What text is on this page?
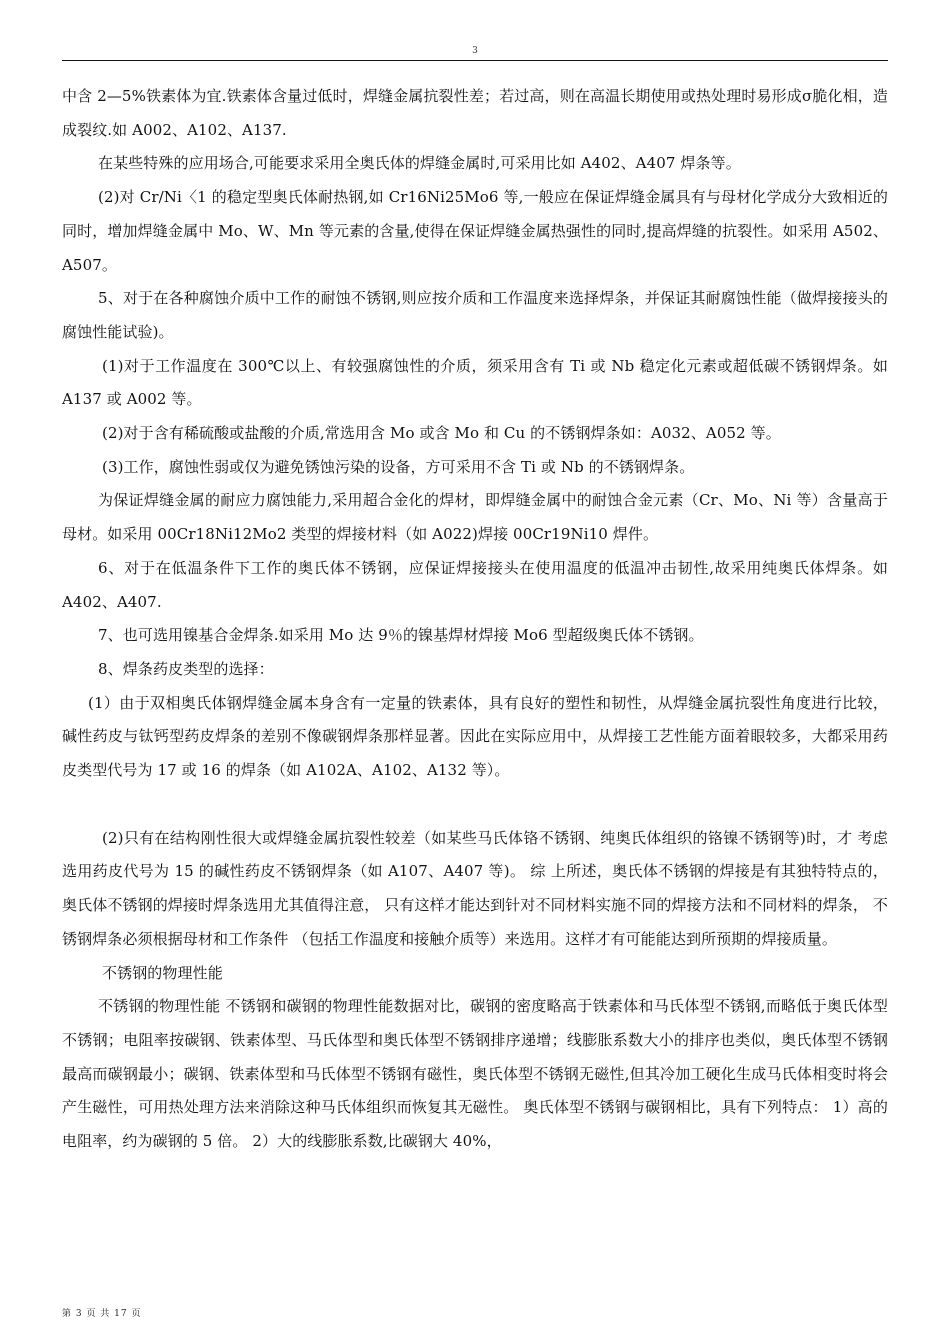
3

中含 2—5%铁素体为宜.铁素体含量过低时，焊缝金属抗裂性差；若过高，则在高温长期使用或热处理时易形成σ脆化相，造成裂纹.如 A002、A102、A137.

在某些特殊的应用场合,可能要求采用全奥氏体的焊缝金属时,可采用比如 A402、A407 焊条等。

(2)对 Cr/Ni〈1 的稳定型奥氏体耐热钢,如 Cr16Ni25Mo6 等,一般应在保证焊缝金属具有与母材化学成分大致相近的同时，增加焊缝金属中 Mo、W、Mn 等元素的含量,使得在保证焊缝金属热强性的同时,提高焊缝的抗裂性。如采用 A502、A507。

5、对于在各种腐蚀介质中工作的耐蚀不锈钢,则应按介质和工作温度来选择焊条，并保证其耐腐蚀性能（做焊接接头的腐蚀性能试验)。

(1)对于工作温度在 300℃以上、有较强腐蚀性的介质，须采用含有 Ti 或 Nb 稳定化元素或超低碳不锈钢焊条。如 A137 或 A002 等。

(2)对于含有稀硫酸或盐酸的介质,常选用含 Mo 或含 Mo 和 Cu 的不锈钢焊条如：A032、A052 等。

(3)工作，腐蚀性弱或仅为避免锈蚀污染的设备，方可采用不含 Ti 或 Nb 的不锈钢焊条。

为保证焊缝金属的耐应力腐蚀能力,采用超合金化的焊材，即焊缝金属中的耐蚀合金元素（Cr、Mo、Ni 等）含量高于母材。如采用 00Cr18Ni12Mo2 类型的焊接材料（如 A022)焊接 00Cr19Ni10 焊件。

6、对于在低温条件下工作的奥氏体不锈钢，应保证焊接接头在使用温度的低温冲击韧性,故采用纯奥氏体焊条。如 A402、A407.

7、也可选用镍基合金焊条.如采用 Mo 达 9％的镍基焊材焊接 Mo6 型超级奥氏体不锈钢。

8、焊条药皮类型的选择：

(1）由于双相奥氏体钢焊缝金属本身含有一定量的铁素体，具有良好的塑性和韧性，从焊缝金属抗裂性角度进行比较，碱性药皮与钛钙型药皮焊条的差别不像碳钢焊条那样显著。因此在实际应用中，从焊接工艺性能方面着眼较多，大都采用药皮类型代号为 17 或 16 的焊条（如 A102A、A102、A132 等）。

(2)只有在结构刚性很大或焊缝金属抗裂性较差（如某些马氏体铬不锈钢、纯奥氏体组织的铬镍不锈钢等)时，才 考虑选用药皮代号为 15 的碱性药皮不锈钢焊条（如 A107、A407 等)。 综 上所述，奥氏体不锈钢的焊接是有其独特特点的， 奥氏体不锈钢的焊接时焊条选用尤其值得注意， 只有这样才能达到针对不同材料实施不同的焊接方法和不同材料的焊条， 不锈钢焊条必须根据母材和工作条件 （包括工作温度和接触介质等）来选用。这样才有可能能达到所预期的焊接质量。

不锈钢的物理性能

不锈钢的物理性能 不锈钢和碳钢的物理性能数据对比，碳钢的密度略高于铁素体和马氏体型不锈钢,而略低于奥氏体型不锈钢；电阻率按碳钢、铁素体型、马氏体型和奥氏体型不锈钢排序递增；线膨胀系数大小的排序也类似，奥氏体型不锈钢最高而碳钢最小；碳钢、铁素体型和马氏体型不锈钢有磁性，奥氏体型不锈钢无磁性,但其冷加工硬化生成马氏体相变时将会产生磁性，可用热处理方法来消除这种马氏体组织而恢复其无磁性。 奥氏体型不锈钢与碳钢相比，具有下列特点： 1）高的电阻率，约为碳钢的 5 倍。 2）大的线膨胀系数,比碳钢大 40%，

第 3 页 共 17 页
